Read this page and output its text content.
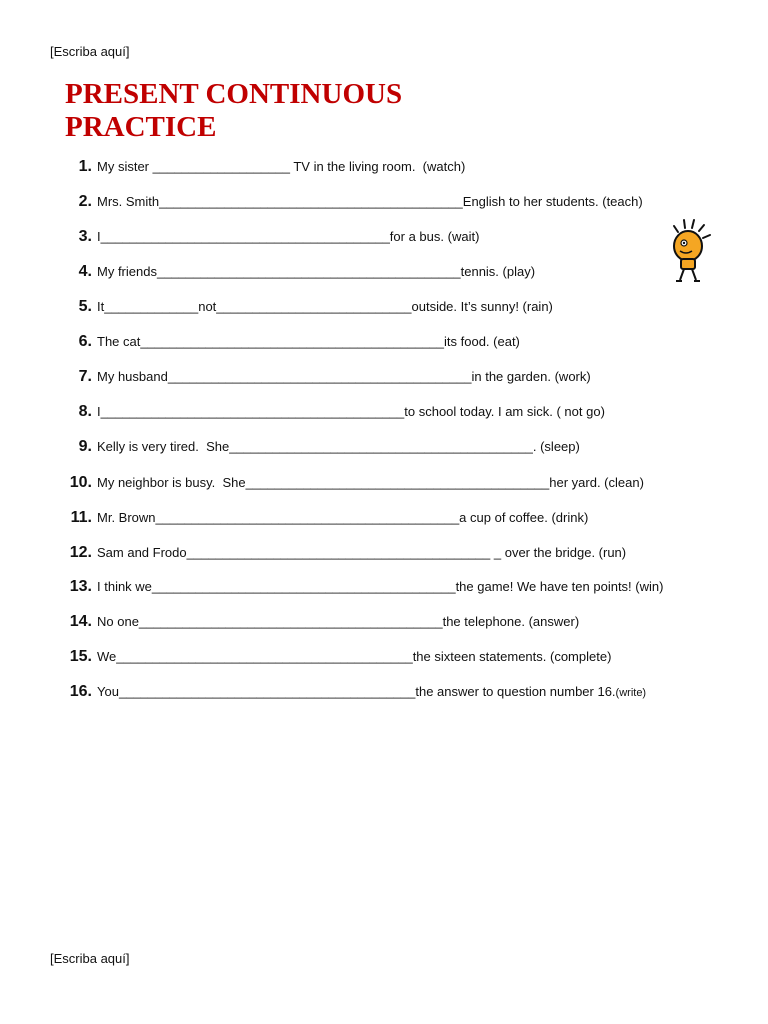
[Escriba aquí]
PRESENT CONTINUOUS
PRACTICE
1. My sister ___________________ TV in the living room.  (watch)
2. Mrs. Smith__________________________________________English to her students. (teach)
3. I________________________________________for a bus. (wait)
4. My friends__________________________________________tennis. (play)
5. It_____________not___________________________outside. It’s sunny! (rain)
6. The cat__________________________________________its food. (eat)
7. My husband__________________________________________in the garden. (work)
8. I__________________________________________to school today. I am sick. ( not go)
9. Kelly is very tired.  She__________________________________________. (sleep)
10. My neighbor is busy.  She__________________________________________her yard. (clean)
11. Mr. Brown__________________________________________a cup of coffee. (drink)
12. Sam and Frodo__________________________________________ _ over the bridge. (run)
13. I think we__________________________________________the game! We have ten points! (win)
14. No one__________________________________________the telephone. (answer)
15. We_________________________________________the sixteen statements. (complete)
16. You_________________________________________the answer to question number 16. (write)
[Escriba aquí]
